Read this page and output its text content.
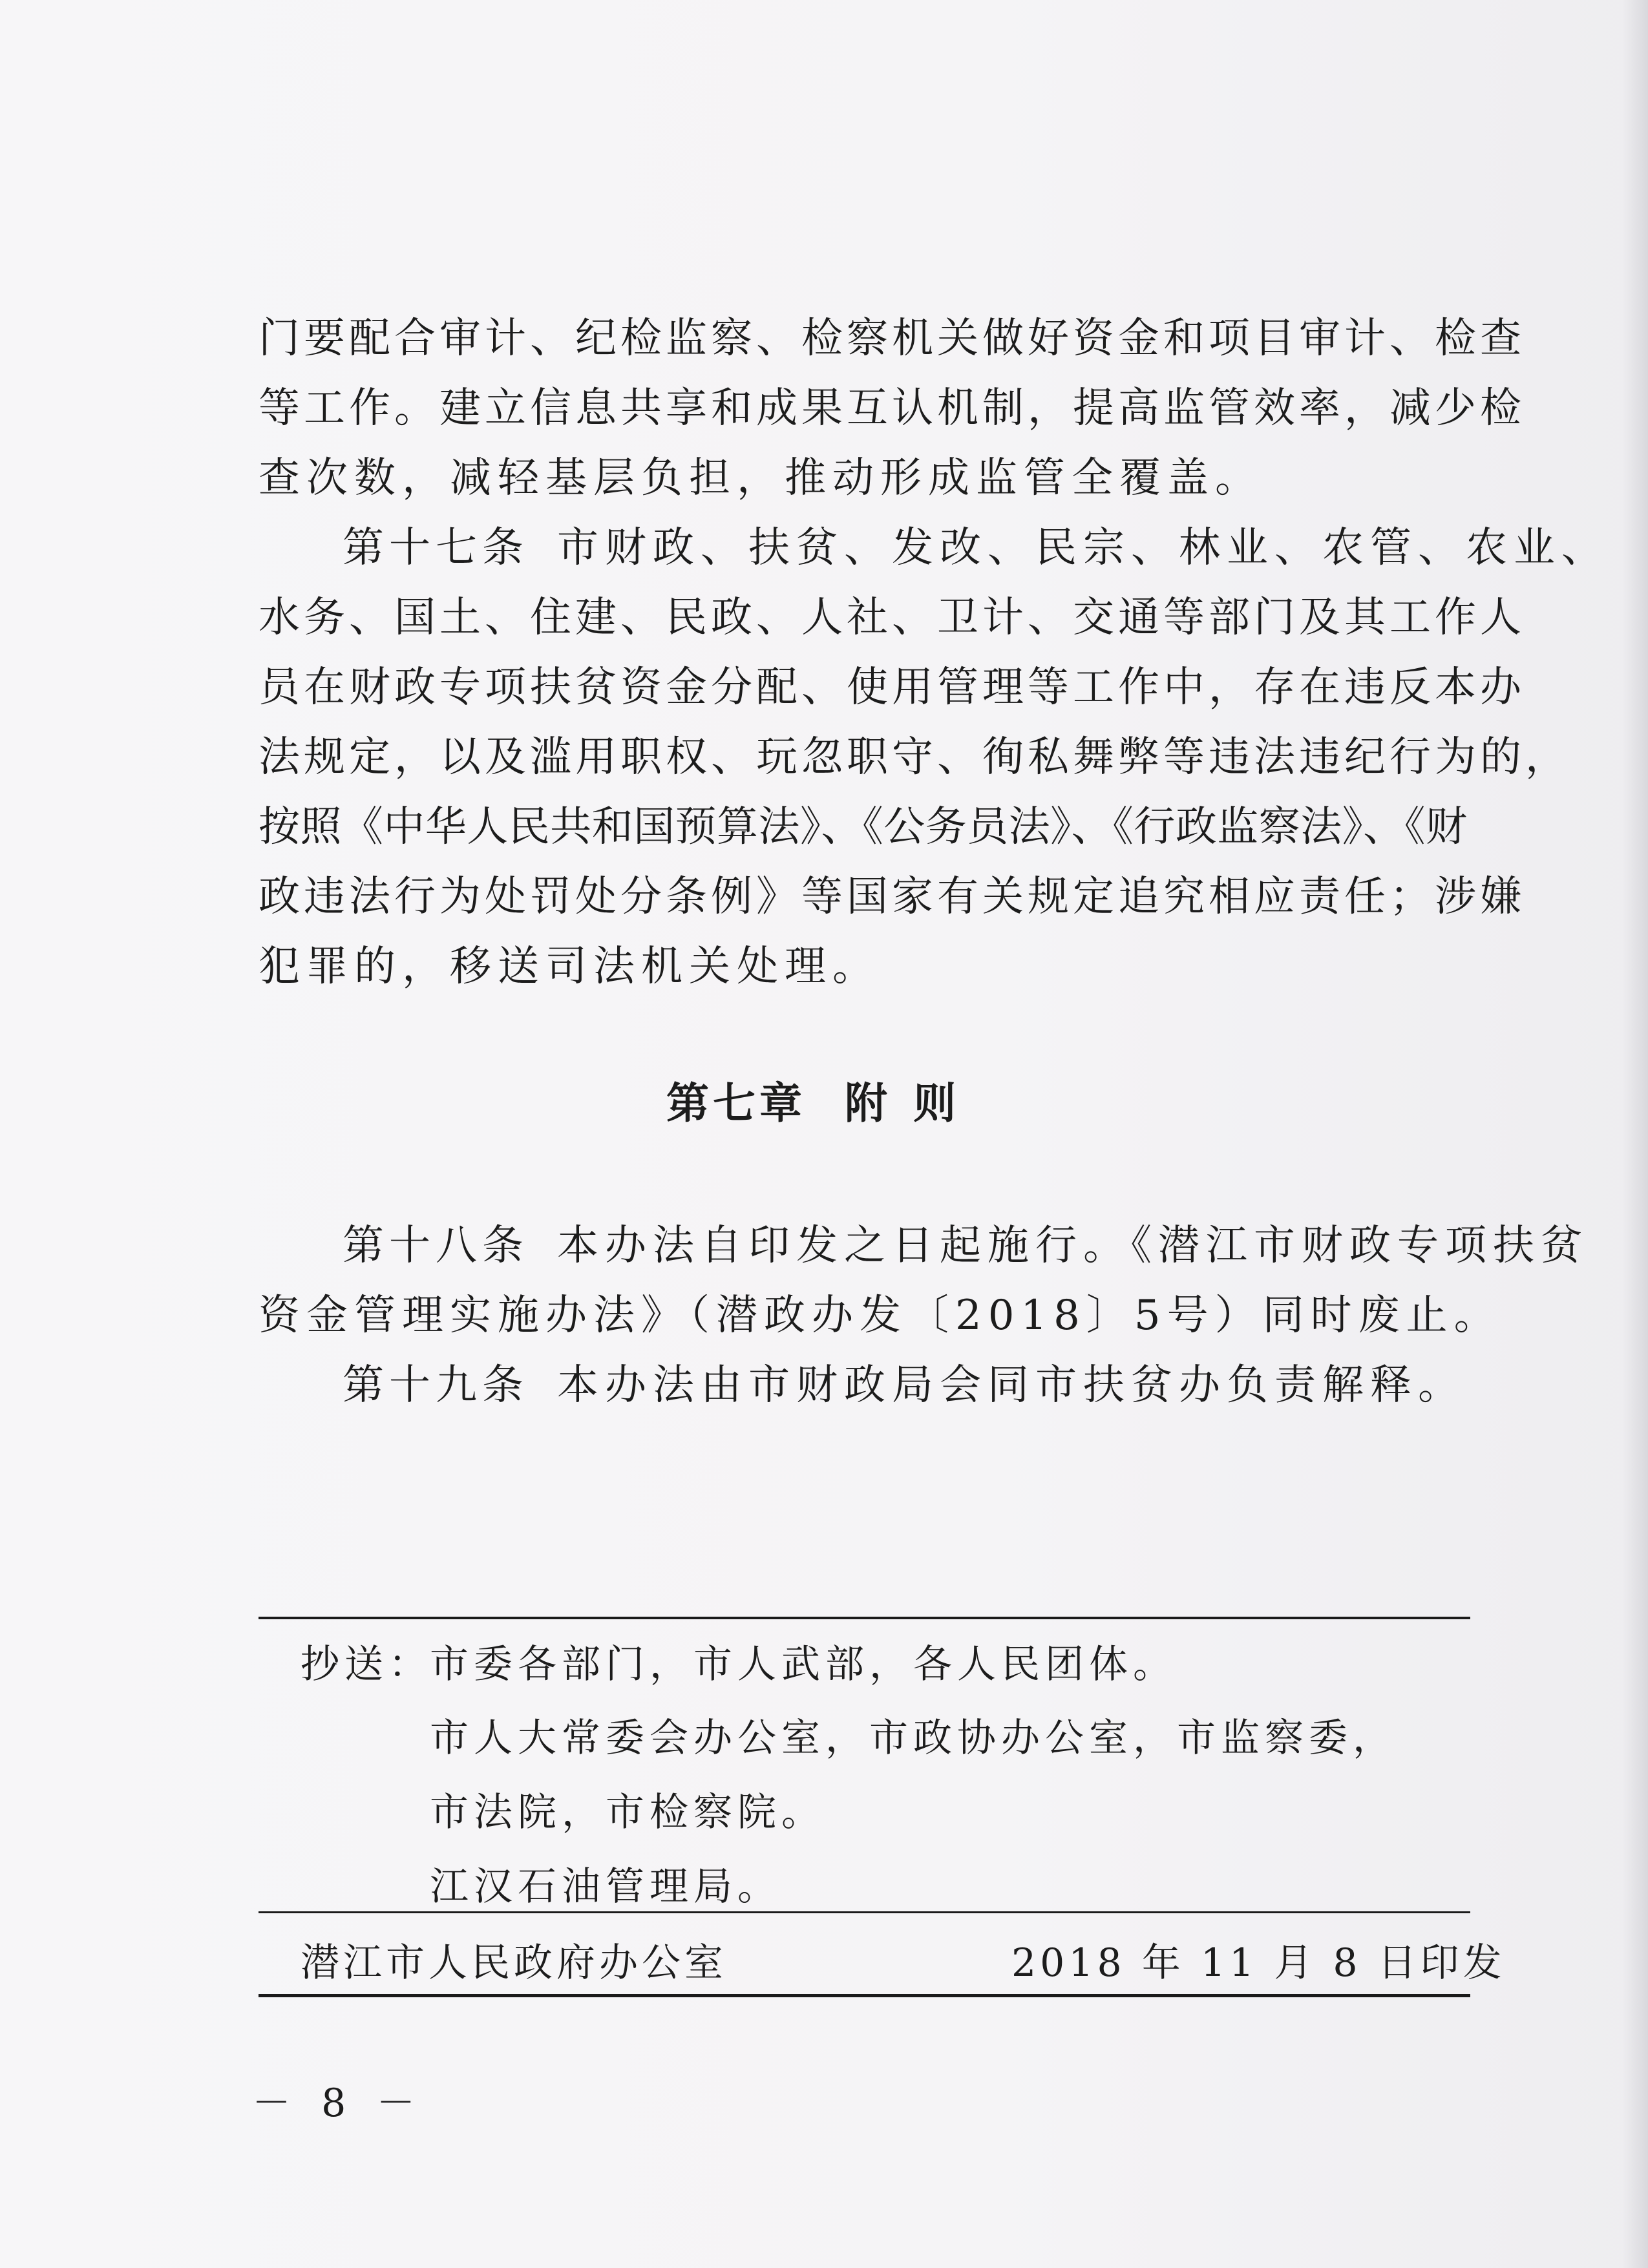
门要配合审计、纪检监察、检察机关做好资金和项目审计、检查
等工作。建立信息共享和成果互认机制，提高监管效率，减少检
查次数，减轻基层负担，推动形成监管全覆盖。
第十七条 市财政、扶贫、发改、民宗、林业、农管、农业、
水务、国土、住建、民政、人社、卫计、交通等部门及其工作人
员在财政专项扶贫资金分配、使用管理等工作中，存在违反本办
法规定，以及滥用职权、玩忽职守、徇私舞弊等违法违纪行为的，
按照《中华人民共和国预算法》、《公务员法》、《行政监察法》、《财
政违法行为处罚处分条例》等国家有关规定追究相应责任；涉嫌
犯罪的，移送司法机关处理。
第七章 附则
第十八条 本办法自印发之日起施行。《潜江市财政专项扶贫
资金管理实施办法》（潜政办发〔2018〕5号）同时废止。
第十九条 本办法由市财政局会同市扶贫办负责解释。
抄送：
市委各部门，市人武部，各人民团体。
市人大常委会办公室，市政协办公室，市监察委，
市法院，市检察院。
江汉石油管理局。
潜江市人民政府办公室	2018 年 11 月 8 日印发
－ 8 －
